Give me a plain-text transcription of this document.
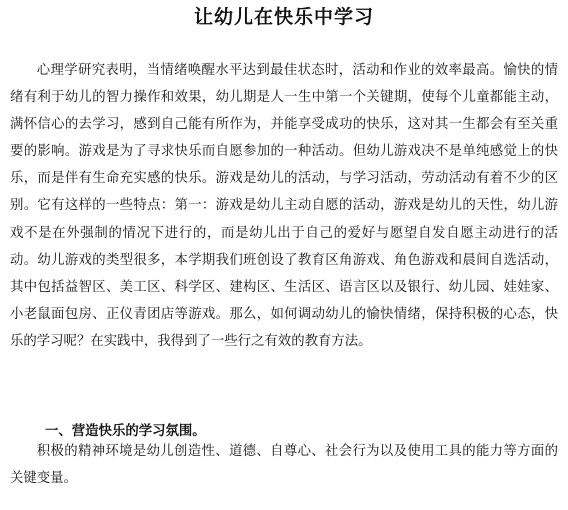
让幼儿在快乐中学习

心理学研究表明，当情绪唤醒水平达到最佳状态时，活动和作业的效率最高。愉快的情绪有利于幼儿的智力操作和效果，幼儿期是人一生中第一个关键期，使每个儿童都能主动，满怀信心的去学习，感到自己能有所作为，并能享受成功的快乐，这对其一生都会有至关重要的影响。游戏是为了寻求快乐而自愿参加的一种活动。但幼儿游戏决不是单纯感觉上的快乐，而是伴有生命充实感的快乐。游戏是幼儿的活动，与学习活动，劳动活动有着不少的区别。它有这样的一些特点：第一：游戏是幼儿主动自愿的活动，游戏是幼儿的天性，幼儿游戏不是在外强制的情况下进行的，而是幼儿出于自己的爱好与愿望自发自愿主动进行的活动。幼儿游戏的类型很多，本学期我们班创设了教育区角游戏、角色游戏和晨间自选活动，其中包括益智区、美工区、科学区、建构区、生活区、语言区以及银行、幼儿园、娃娃家、小老鼠面包房、正仪青团店等游戏。那么，如何调动幼儿的愉快情绪，保持积极的心态，快乐的学习呢？在实践中，我得到了一些行之有效的教育方法。

一、营造快乐的学习氛围。

积极的精神环境是幼儿创造性、道德、自尊心、社会行为以及使用工具的能力等方面的关键变量。
